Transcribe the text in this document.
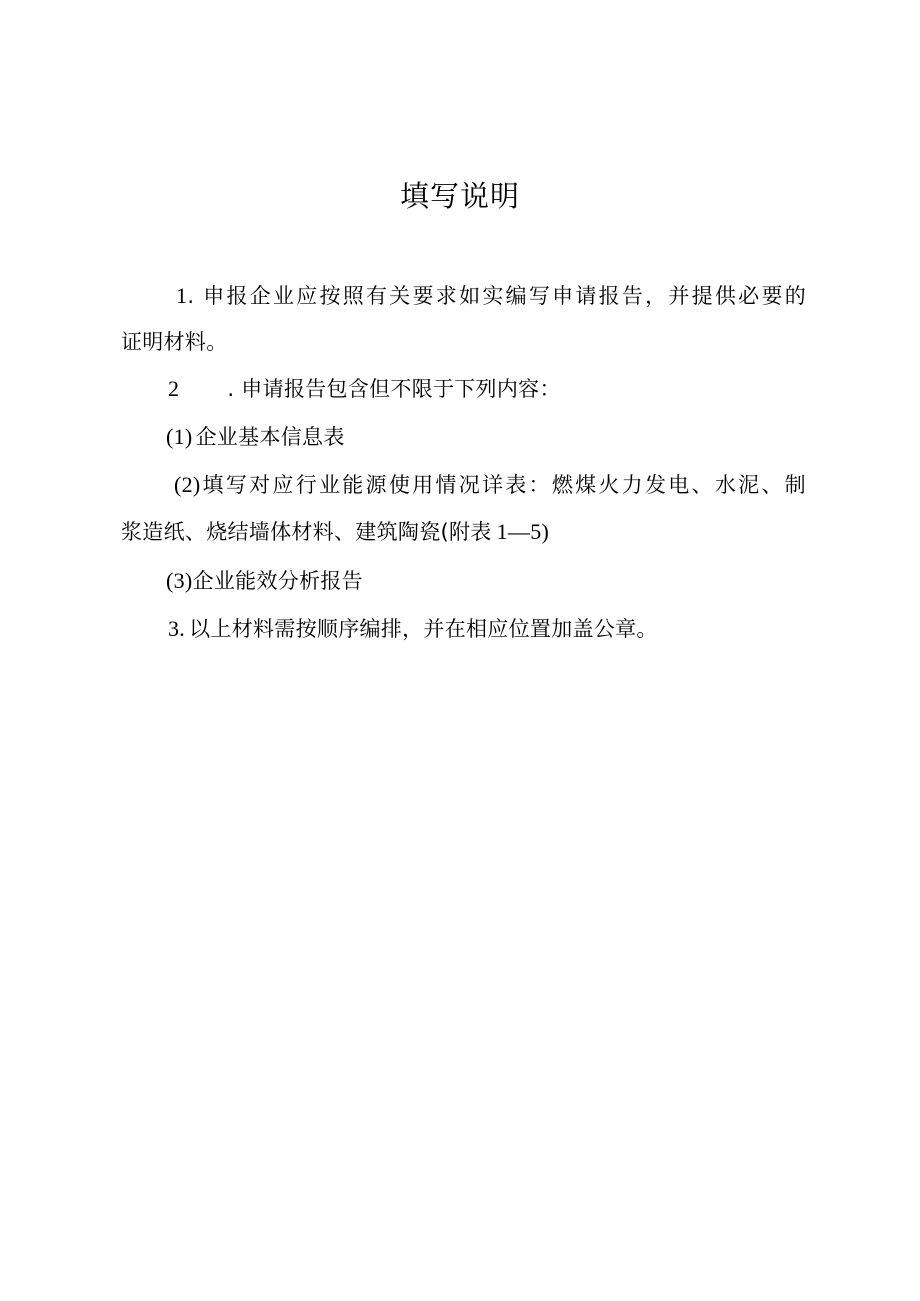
填写说明

1. 申报企业应按照有关要求如实编写申请报告，并提供必要的

证明材料。

2 . 申请报告包含但不限于下列内容：

(1) 企业基本信息表

(2)填写对应行业能源使用情况详表：燃煤火力发电、水泥、制

浆造纸、烧结墙体材料、建筑陶瓷(附表 1—5)

(3)企业能效分析报告

3. 以上材料需按顺序编排，并在相应位置加盖公章。
